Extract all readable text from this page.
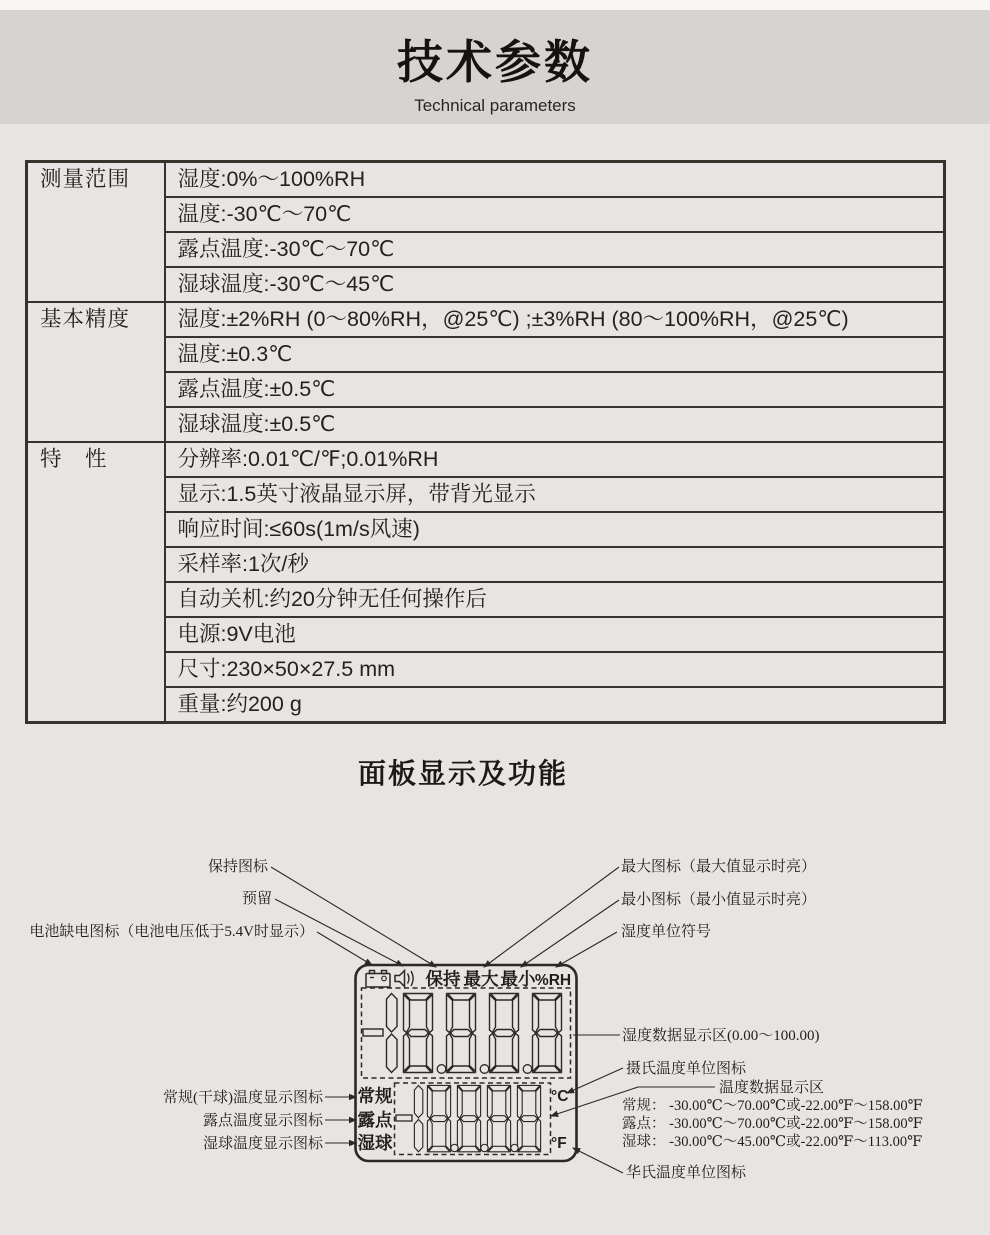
技术参数

Technical parameters

测量范围	湿度:0%～100%RH
	温度:-30℃～70℃
	露点温度:-30℃～70℃
	湿球温度:-30℃～45℃
基本精度	湿度:±2%RH (0～80%RH，@25℃) ;±3%RH (80～100%RH，@25℃)
	温度:±0.3℃
	露点温度:±0.5℃
	湿球温度:±0.5℃
特　性	分辨率:0.01℃/℉;0.01%RH
	显示:1.5英寸液晶显示屏，带背光显示
	响应时间:≤60s(1m/s风速)
	采样率:1次/秒
	自动关机:约20分钟无任何操作后
	电源:9V电池
	尺寸:230×50×27.5 mm
	重量:约200 g
面板显示及功能
保持图标
预留
电池缺电图标（电池电压低于5.4V时显示）
最大图标（最大值显示时亮）
最小图标（最小值显示时亮）
湿度单位符号
湿度数据显示区(0.00～100.00)
摄氏温度单位图标
温度数据显示区
常规： -30.00℃～70.00℃或-22.00℉～158.00℉
露点： -30.00℃～70.00℃或-22.00℉～158.00℉
湿球： -30.00℃～45.00℃或-22.00℉～113.00℉
华氏温度单位图标
常规(干球)温度显示图标
露点温度显示图标
湿球温度显示图标
保持 最大 最小 %RH
常规
露点
湿球
°C
°F
